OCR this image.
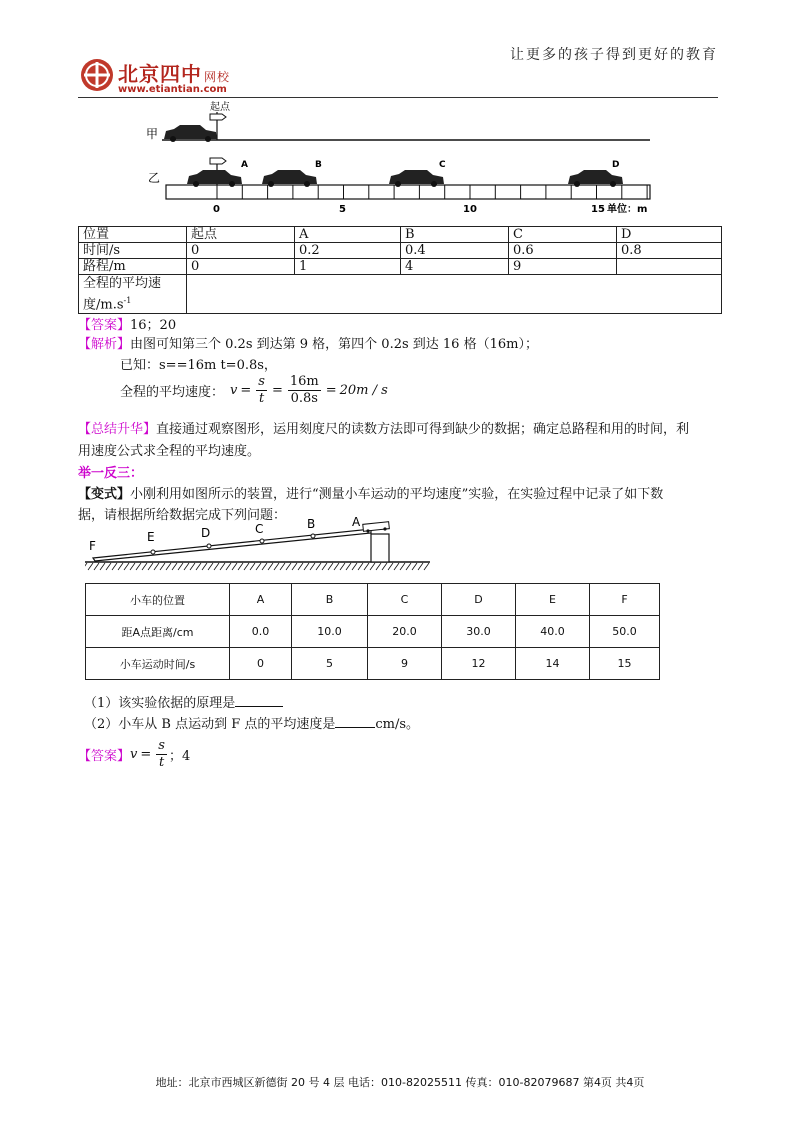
北京四中 网校
www.etiantian.com
让更多的孩子得到更好的教育
甲
起点
乙
A	B	C	D
0	5	10	15 单位：m
位置	起点	A	B	C	D
时间/s	0	0.2	0.4	0.6	0.8
路程/m	0	1	4	9	
全程的平均速
度$/m.s^{-1}$	
【答案】16；20
【解析】由图可知第三个 0.2s 到达第 9 格，第四个 0.2s 到达 16 格（16m）；
已知：s==16m t=0.8s，
全程的平均速度： $v = \frac{s}{t} = \frac{16m}{0.8s} = 20m / s$
【总结升华】直接通过观察图形，运用刻度尺的读数方法即可得到缺少的数据；确定总路程和用的时间，利
用速度公式求全程的平均速度。
举一反三：
【变式】小刚利用如图所示的装置，进行“测量小车运动的平均速度”实验，在实验过程中记录了如下数
据，请根据所给数据完成下列问题：
F
E	D	C	B	A
小车的位置	A	B	C	D	E	F
距A点距离/cm	0.0	10.0	20.0	30.0	40.0	50.0
小车运动时间/s	0	5	9	12	14	15
（1）该实验依据的原理是
（2）小车从 B 点运动到 F 点的平均速度是	cm/s。
【答案】 $v = \frac{s}{t}$ ；4
地址：北京市西城区新德街 20 号 4 层 电话：010-82025511 传真：010-82079687 第4页 共4页
